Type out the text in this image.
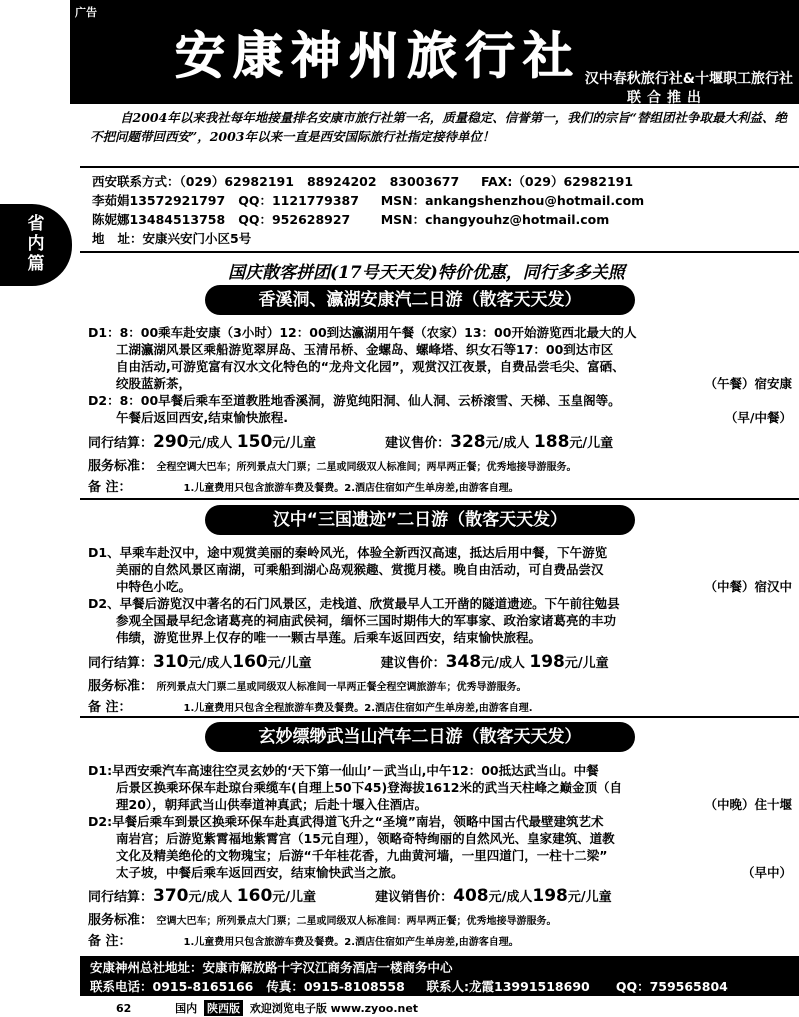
广告
安康神州旅行社 汉中春秋旅行社&十堰职工旅行社
联合推出
省
内
篇

自2004年以来我社每年地接量排名安康市旅行社第一名，质量稳定、信誉第一，我们的宗旨“替组团社争取最大利益、绝不把问题带回西安”，2003年以来一直是西安国际旅行社指定接待单位！

西安联系方式：（029）62982191   88924202   83003677     FAX:（029）62982191
李茹娟13572921797   QQ：1121779387     MSN：ankangshenzhou@hotmail.com
陈妮娜13484513758   QQ：952628927       MSN：changyouhz@hotmail.com
地   址：安康兴安门小区5号
国庆散客拼团(17号天天发)特价优惠，同行多多关照
香溪洞、瀛湖安康汽二日游（散客天天发）

D1：8：00乘车赴安康（3小时）12：00到达瀛湖用午餐（农家）13：00开始游览西北最大的人

工湖瀛湖风景区乘船游览翠屏岛、玉清吊桥、金螺岛、螺峰塔、织女石等17：00到达市区

自由活动,可游览富有汉水文化特色的“龙舟文化园”，观赏汉江夜景，自费品尝毛尖、富硒、

绞股蓝新茶，	（午餐）宿安康

D2：8：00早餐后乘车至道教胜地香溪洞，游览纯阳洞、仙人洞、云桥滚雪、天梯、玉皇阁等。

午餐后返回西安,结束愉快旅程.	（早/中餐）

同行结算：290元/成人 150元/儿童	建议售价：328元/成人 188元/儿童
服务标准： 全程空调大巴车；所列景点大门票；二星或同级双人标准间；两早两正餐；优秀地接导游服务。
备 注：	1.儿童费用只包含旅游车费及餐费。2.酒店住宿如产生单房差,由游客自理。
汉中“三国遗迹”二日游（散客天天发）

D1、早乘车赴汉中，途中观赏美丽的秦岭风光，体验全新西汉高速，抵达后用中餐，下午游览

美丽的自然风景区南湖，可乘船到湖心岛观猴趣、赏揽月楼。晚自由活动，可自费品尝汉

中特色小吃。	（中餐）宿汉中

D2、早餐后游览汉中著名的石门风景区，走栈道、欣赏最早人工开凿的隧道遗迹。下午前往勉县

参观全国最早纪念诸葛亮的祠庙武侯祠，缅怀三国时期伟大的军事家、政治家诸葛亮的丰功

伟绩，游览世界上仅存的唯一一颗古旱莲。后乘车返回西安，结束愉快旅程。

同行结算：310元/成人160元/儿童	建议售价：348元/成人 198元/儿童
服务标准： 所列景点大门票二星或同级双人标准间一早两正餐全程空调旅游车；优秀导游服务。
备 注：	1.儿童费用只包含全程旅游车费及餐费。2.酒店住宿如产生单房差,由游客自理.
玄妙缥缈武当山汽车二日游（散客天天发）

D1:早西安乘汽车高速往空灵玄妙的‘天下第一仙山’－武当山,中午12：00抵达武当山。中餐

后景区换乘环保车赴琼台乘缆车(自理上50下45)登海拔1612米的武当天柱峰之巅金顶（自

理20），朝拜武当山供奉道神真武；后赴十堰入住酒店。	（中晚）住十堰

D2:早餐后乘车到景区换乘环保车赴真武得道飞升之“圣境”南岩，领略中国古代最壁建筑艺术

南岩宫；后游览紫霄福地紫霄宫（15元自理），领略奇特绚丽的自然风光、皇家建筑、道教

文化及精美绝伦的文物瑰宝；后游“千年桂花香，九曲黄河墙，一里四道门，一柱十二梁”

太子坡，中餐后乘车返回西安，结束愉快武当之旅。	（早中）

同行结算：370元/成人 160元/儿童	建议销售价：408元/成人198元/儿童
服务标准： 空调大巴车；所列景点大门票；二星或同级双人标准间：两早两正餐；优秀地接导游服务。
备 注：	1.儿童费用只包含旅游车费及餐费。2.酒店住宿如产生单房差,由游客自理。
安康神州总社地址：安康市解放路十字汉江商务酒店一楼商务中心
联系电话：0915-8165166   传真：0915-8108558     联系人:龙霞13991518690      QQ：759565804
62	国内 陕西版 欢迎浏览电子版 www.zyoo.net
